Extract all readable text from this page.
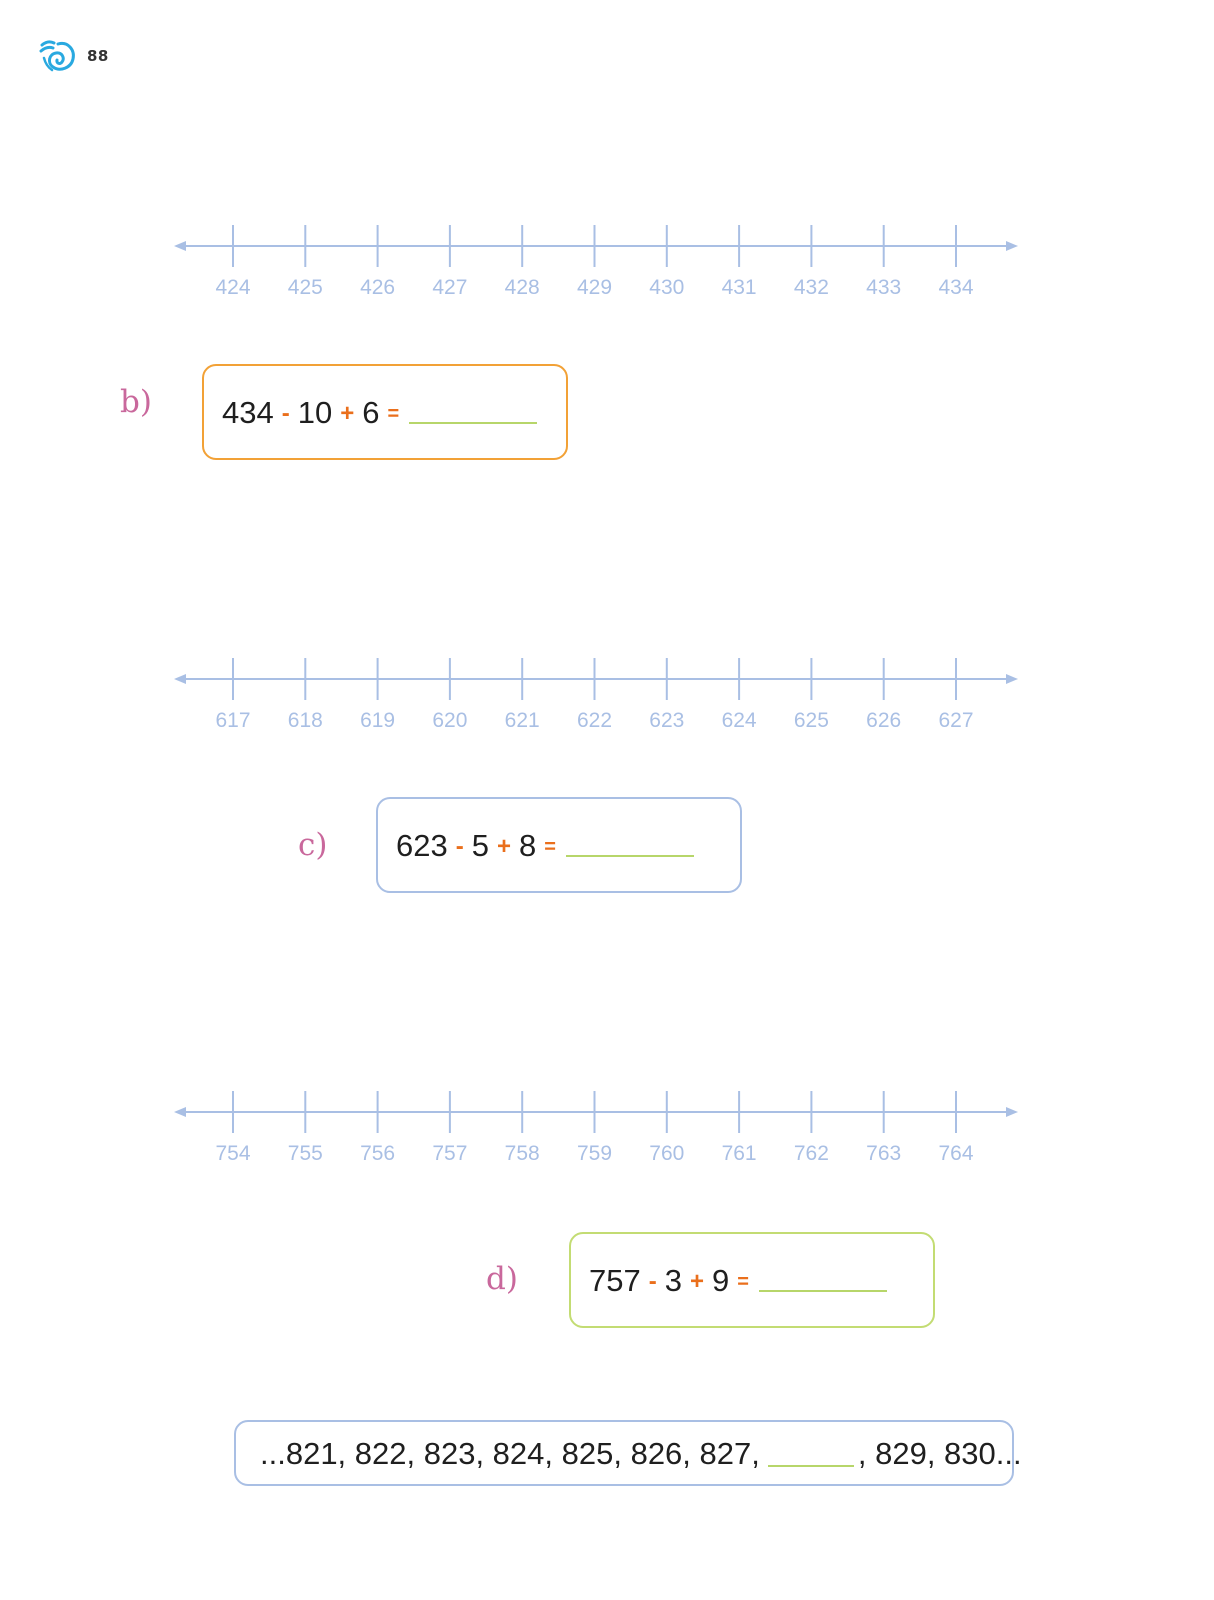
88
424 425 426 427 428 429 430 431 432 433 434
b) 434 - 10 + 6 =
617 618 619 620 621 622 623 624 625 626 627
c) 623 - 5 + 8 =
754 755 756 757 758 759 760 761 762 763 764
d) 757 - 3 + 9 =
...821, 822, 823, 824, 825, 826, 827,	, 829, 830...
